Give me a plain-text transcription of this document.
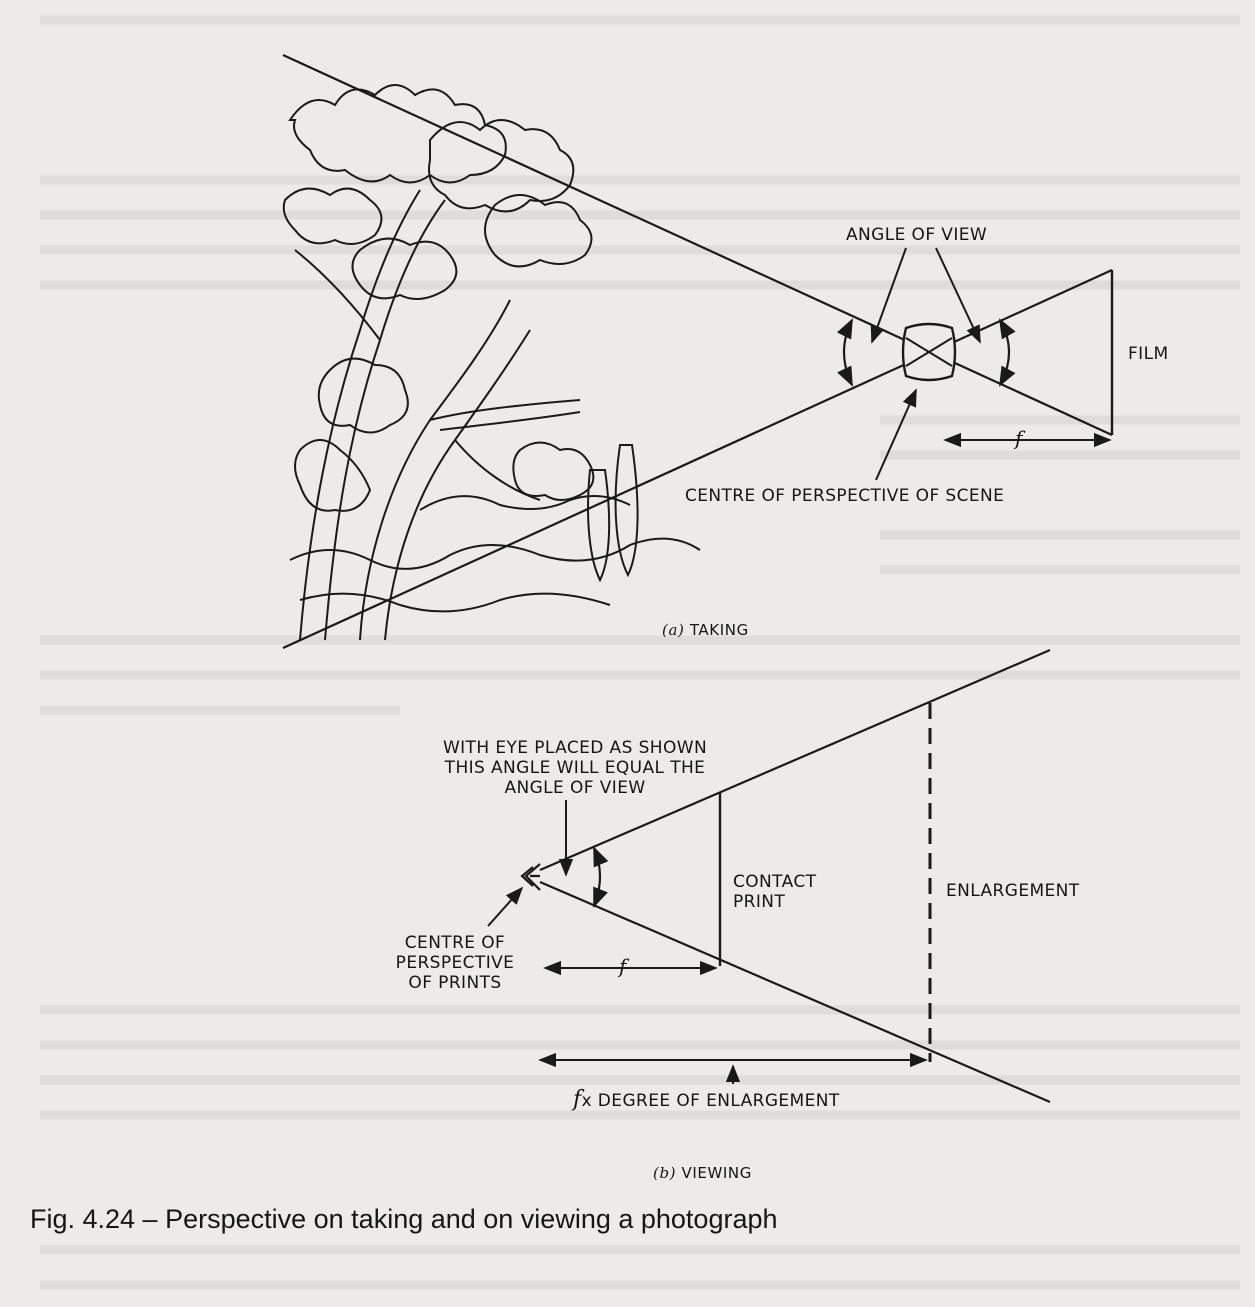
ANGLE OF VIEW

FILM

f

CENTRE OF PERSPECTIVE OF SCENE

(a) TAKING

WITH EYE PLACED AS SHOWN
THIS ANGLE WILL EQUAL THE
ANGLE OF VIEW
CONTACT
PRINT

ENLARGEMENT

CENTRE OF
PERSPECTIVE
OF PRINTS

f

fx DEGREE OF ENLARGEMENT

(b) VIEWING

Fig. 4.24 – Perspective on taking and on viewing a photograph
